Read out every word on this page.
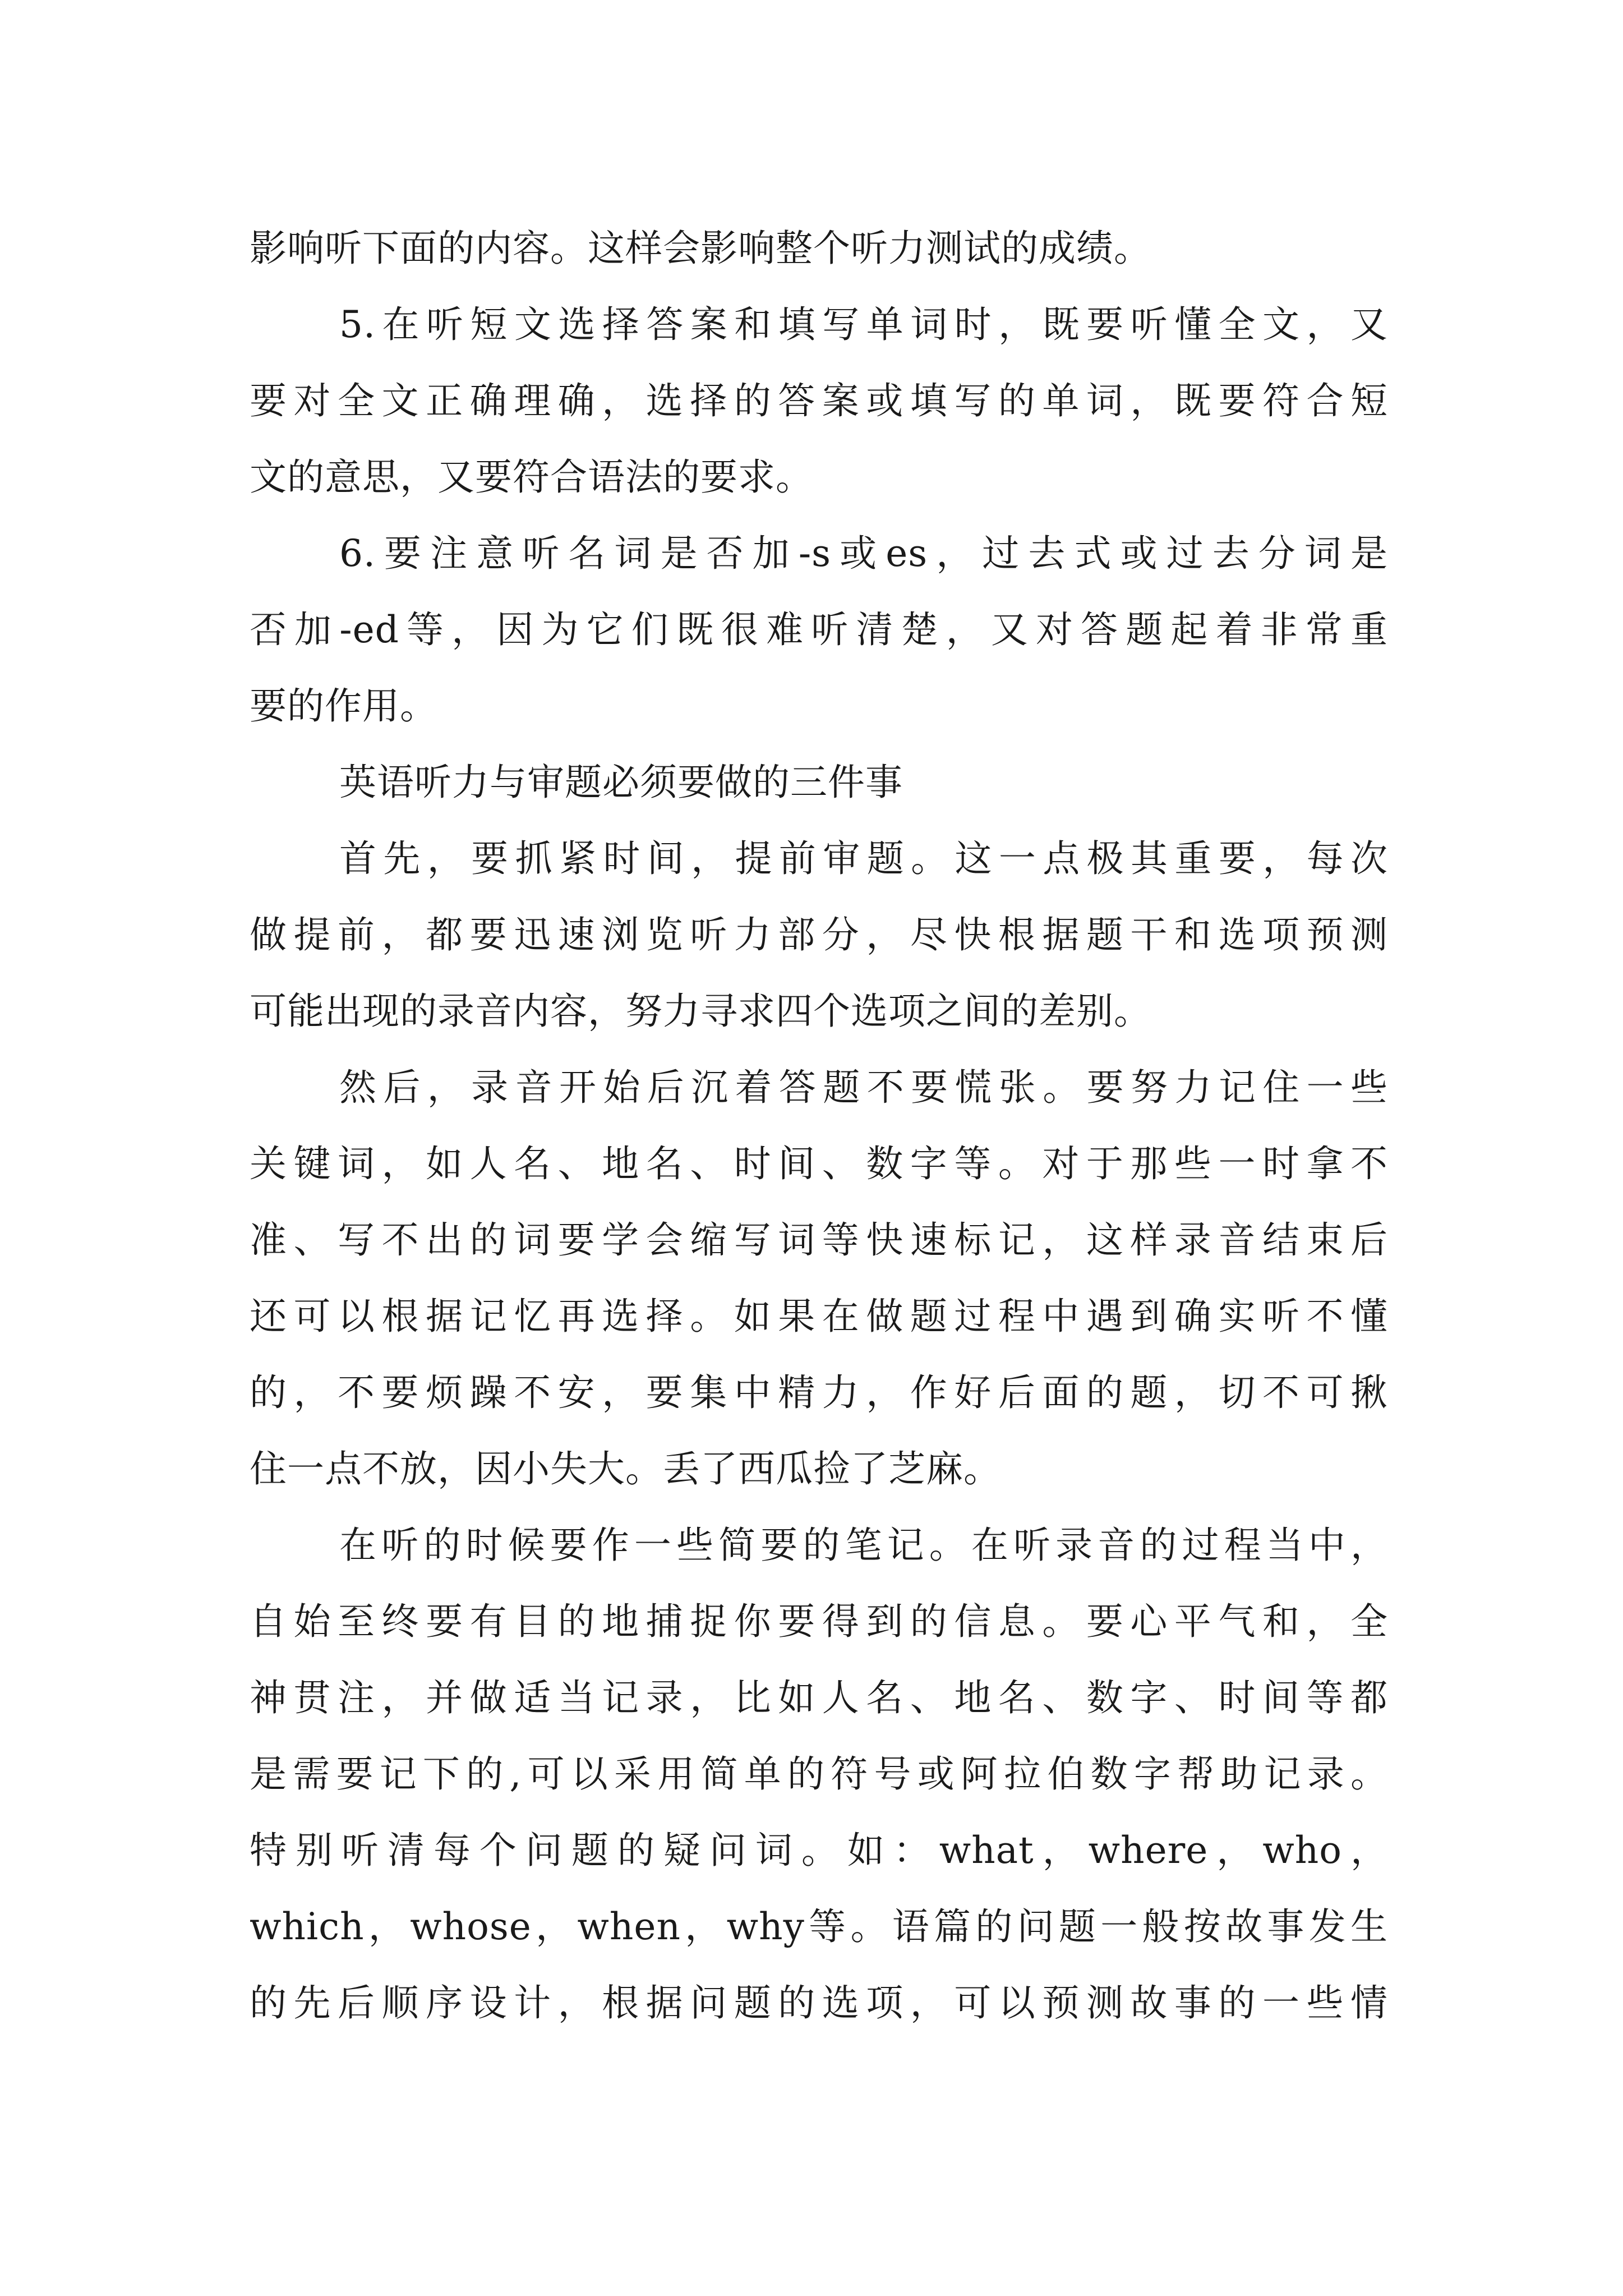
影响听下面的内容。这样会影响整个听力测试的成绩。
5.在听短文选择答案和填写单词时，既要听懂全文，又
要对全文正确理确，选择的答案或填写的单词，既要符合短
文的意思，又要符合语法的要求。
6.要注意听名词是否加-s或es，过去式或过去分词是
否加-ed等，因为它们既很难听清楚，又对答题起着非常重
要的作用。
英语听力与审题必须要做的三件事
首先，要抓紧时间，提前审题。这一点极其重要，每次
做提前，都要迅速浏览听力部分，尽快根据题干和选项预测
可能出现的录音内容，努力寻求四个选项之间的差别。
然后，录音开始后沉着答题不要慌张。要努力记住一些
关键词，如人名、地名、时间、数字等。对于那些一时拿不
准、写不出的词要学会缩写词等快速标记，这样录音结束后
还可以根据记忆再选择。如果在做题过程中遇到确实听不懂
的，不要烦躁不安，要集中精力，作好后面的题，切不可揪
住一点不放，因小失大。丢了西瓜捡了芝麻。
在听的时候要作一些简要的笔记。在听录音的过程当中，
自始至终要有目的地捕捉你要得到的信息。要心平气和，全
神贯注，并做适当记录，比如人名、地名、数字、时间等都
是需要记下的,可以采用简单的符号或阿拉伯数字帮助记录。
特别听清每个问题的疑问词。如：what，where，who，
which，whose，when，why等。语篇的问题一般按故事发生
的先后顺序设计，根据问题的选项，可以预测故事的一些情
